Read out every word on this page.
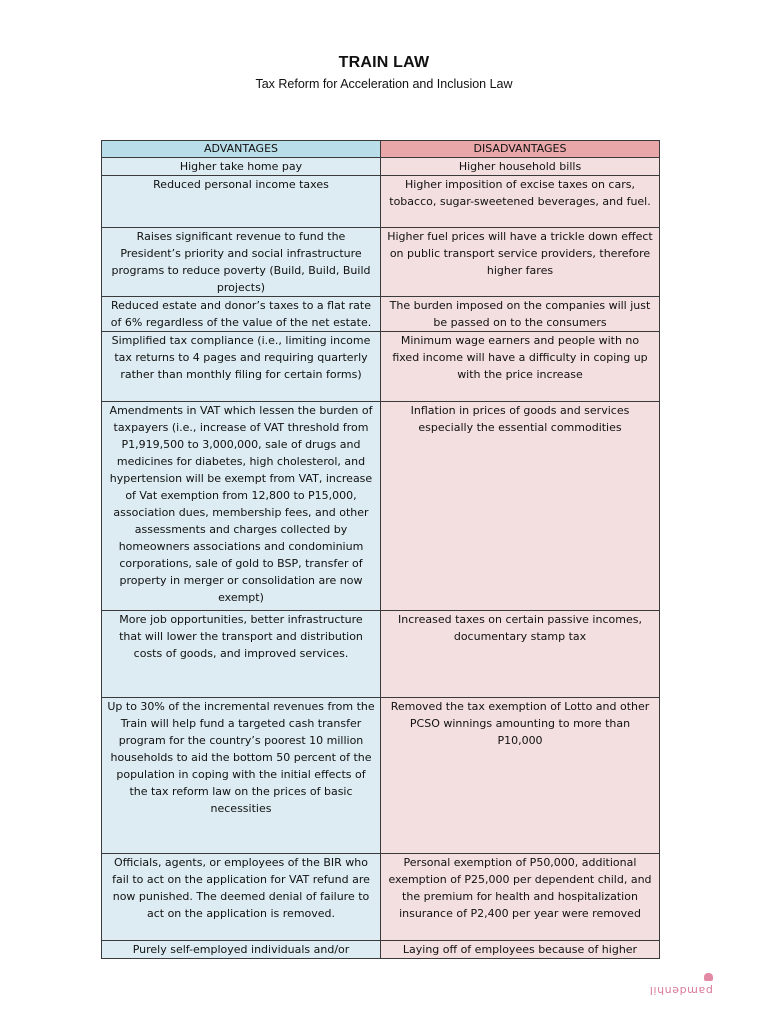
TRAIN LAW
Tax Reform for Acceleration and Inclusion Law
ADVANTAGES	DISADVANTAGES
Higher take home pay	Higher household bills
Reduced personal income taxes	Higher imposition of excise taxes on cars, tobacco, sugar-sweetened beverages, and fuel.
Raises significant revenue to fund the President’s priority and social infrastructure programs to reduce poverty (Build, Build, Build projects)	Higher fuel prices will have a trickle down effect on public transport service providers, therefore higher fares
Reduced estate and donor’s taxes to a flat rate of 6% regardless of the value of the net estate.	The burden imposed on the companies will just be passed on to the consumers
Simplified tax compliance (i.e., limiting income tax returns to 4 pages and requiring quarterly rather than monthly filing for certain forms)	Minimum wage earners and people with no fixed income will have a difficulty in coping up with the price increase
Amendments in VAT which lessen the burden of taxpayers (i.e., increase of VAT threshold from P1,919,500 to 3,000,000, sale of drugs and medicines for diabetes, high cholesterol, and hypertension will be exempt from VAT, increase of Vat exemption from 12,800 to P15,000, association dues, membership fees, and other assessments and charges collected by homeowners associations and condominium corporations, sale of gold to BSP, transfer of property in merger or consolidation are now exempt)	Inflation in prices of goods and services especially the essential commodities
More job opportunities, better infrastructure that will lower the transport and distribution costs of goods, and improved services.	Increased taxes on certain passive incomes, documentary stamp tax
Up to 30% of the incremental revenues from the Train will help fund a targeted cash transfer program for the country’s poorest 10 million households to aid the bottom 50 percent of the population in coping with the initial effects of the tax reform law on the prices of basic necessities	Removed the tax exemption of Lotto and other PCSO winnings amounting to more than P10,000
Officials, agents, or employees of the BIR who fail to act on the application for VAT refund are now punished. The deemed denial of failure to act on the application is removed.	Personal exemption of P50,000, additional exemption of P25,000 per dependent child, and the premium for health and hospitalization insurance of P2,400 per year were removed
Purely self-employed individuals and/or	Laying off of employees because of higher
pamdenhil
